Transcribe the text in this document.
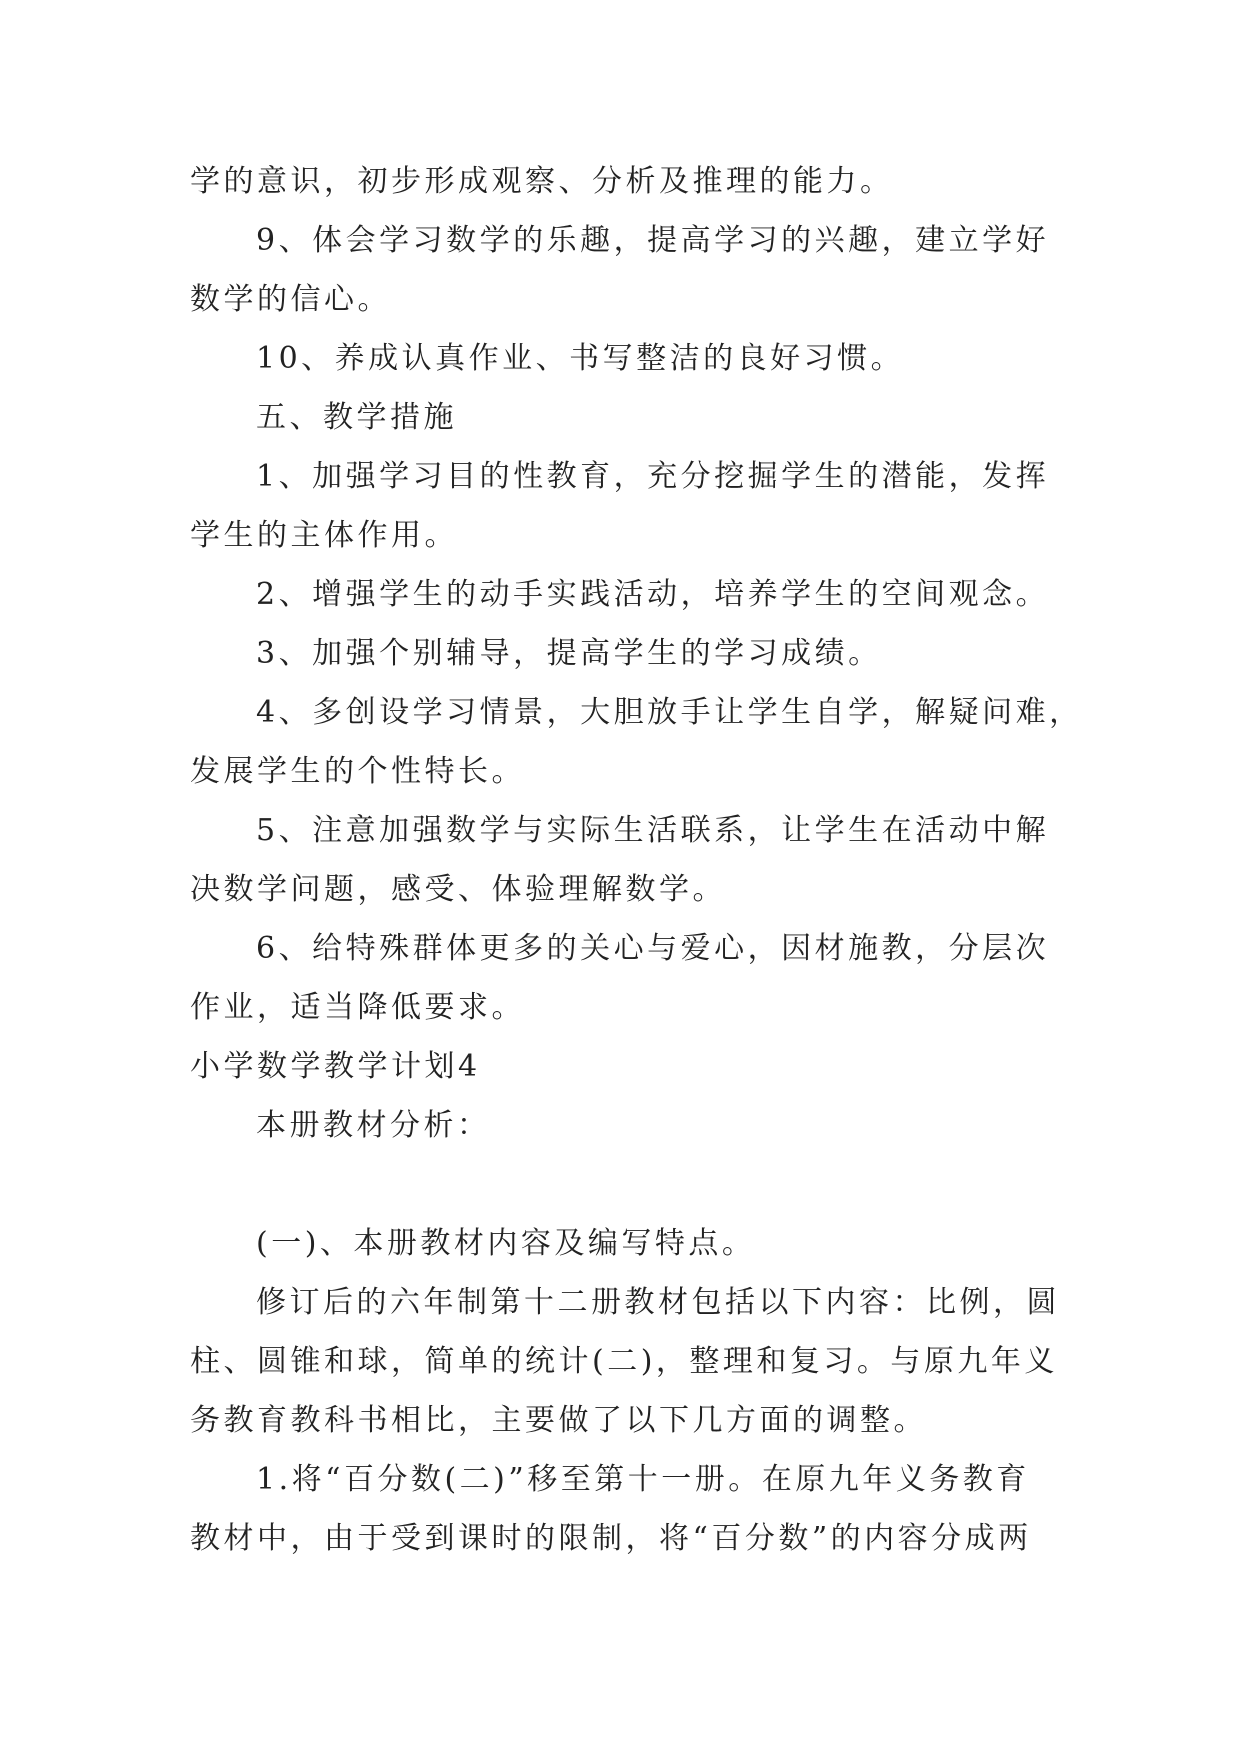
学的意识，初步形成观察、分析及推理的能力。
9、体会学习数学的乐趣，提高学习的兴趣，建立学好
数学的信心。
10、养成认真作业、书写整洁的良好习惯。
五、教学措施
1、加强学习目的性教育，充分挖掘学生的潜能，发挥
学生的主体作用。
2、增强学生的动手实践活动，培养学生的空间观念。
3、加强个别辅导，提高学生的学习成绩。
4、多创设学习情景，大胆放手让学生自学，解疑问难，
发展学生的个性特长。
5、注意加强数学与实际生活联系，让学生在活动中解
决数学问题，感受、体验理解数学。
6、给特殊群体更多的关心与爱心，因材施教，分层次
作业，适当降低要求。
小学数学教学计划4
本册教材分析：
(一)、本册教材内容及编写特点。
修订后的六年制第十二册教材包括以下内容：比例，圆
柱、圆锥和球，简单的统计(二)，整理和复习。与原九年义
务教育教科书相比，主要做了以下几方面的调整。
1.将“百分数(二)”移至第十一册。在原九年义务教育
教材中，由于受到课时的限制，将“百分数”的内容分成两
